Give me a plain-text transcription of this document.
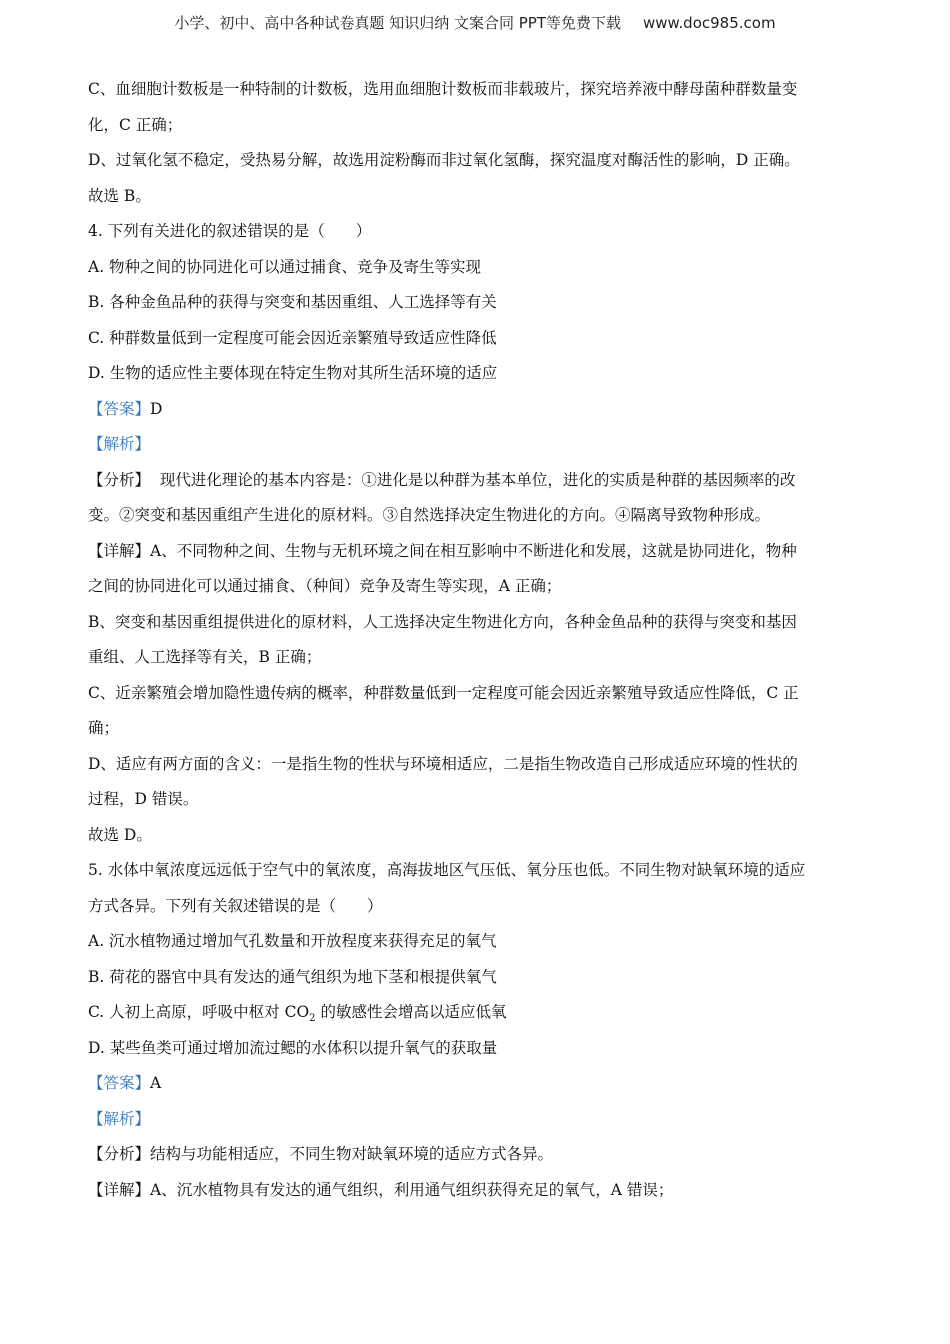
小学、初中、高中各种试卷真题 知识归纳 文案合同 PPT等免费下载 www.doc985.com
C、血细胞计数板是一种特制的计数板，选用血细胞计数板而非载玻片，探究培养液中酵母菌种群数量变
化，C 正确；
D、过氧化氢不稳定，受热易分解，故选用淀粉酶而非过氧化氢酶，探究温度对酶活性的影响，D 正确。
故选 B。
4. 下列有关进化的叙述错误的是（　　）
A. 物种之间的协同进化可以通过捕食、竞争及寄生等实现
B. 各种金鱼品种的获得与突变和基因重组、人工选择等有关
C. 种群数量低到一定程度可能会因近亲繁殖导致适应性降低
D. 生物的适应性主要体现在特定生物对其所生活环境的适应
【答案】D
【解析】
【分析】  现代进化理论的基本内容是：①进化是以种群为基本单位，进化的实质是种群的基因频率的改
变。②突变和基因重组产生进化的原材料。③自然选择决定生物进化的方向。④隔离导致物种形成。
【详解】A、不同物种之间、生物与无机环境之间在相互影响中不断进化和发展，这就是协同进化，物种
之间的协同进化可以通过捕食、（种间）竞争及寄生等实现，A 正确；
B、突变和基因重组提供进化的原材料，人工选择决定生物进化方向，各种金鱼品种的获得与突变和基因
重组、人工选择等有关，B 正确；
C、近亲繁殖会增加隐性遗传病的概率，种群数量低到一定程度可能会因近亲繁殖导致适应性降低，C 正
确；
D、适应有两方面的含义：一是指生物的性状与环境相适应，二是指生物改造自己形成适应环境的性状的
过程，D 错误。
故选 D。
5. 水体中氧浓度远远低于空气中的氧浓度，高海拔地区气压低、氧分压也低。不同生物对缺氧环境的适应
方式各异。下列有关叙述错误的是（　　）
A. 沉水植物通过增加气孔数量和开放程度来获得充足的氧气
B. 荷花的器官中具有发达的通气组织为地下茎和根提供氧气
C. 人初上高原，呼吸中枢对 $CO_2$ 的敏感性会增高以适应低氧
D. 某些鱼类可通过增加流过鳃的水体积以提升氧气的获取量
【答案】A
【解析】
【分析】结构与功能相适应，不同生物对缺氧环境的适应方式各异。
【详解】A、沉水植物具有发达的通气组织，利用通气组织获得充足的氧气，A 错误；
